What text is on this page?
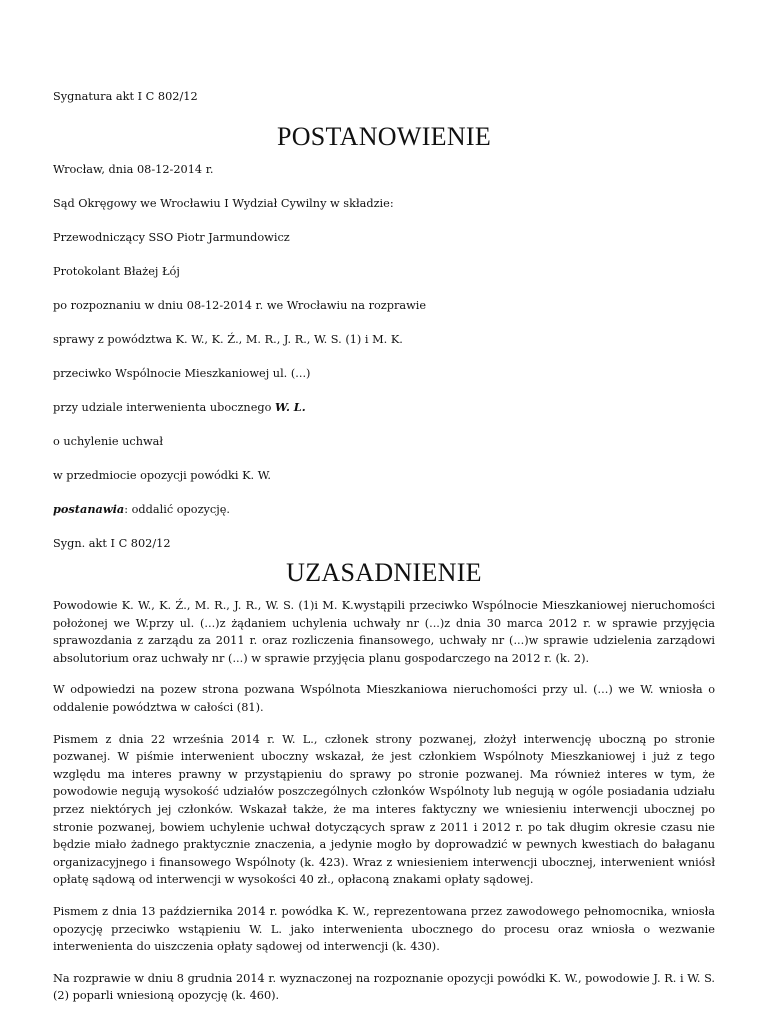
Sygnatura akt I C 802/12
POSTANOWIENIE
Wrocław, dnia 08-12-2014 r.
Sąd Okręgowy we Wrocławiu I Wydział Cywilny w składzie:
Przewodniczący SSO Piotr Jarmundowicz
Protokolant Błażej Łój
po rozpoznaniu w dniu 08-12-2014 r. we Wrocławiu na rozprawie
sprawy z powództwa K. W., K. Ź., M. R., J. R., W. S. (1) i M. K.
przeciwko Wspólnocie Mieszkaniowej ul. (...)
przy udziale interwenienta ubocznego W. L.
o uchylenie uchwał
w przedmiocie opozycji powódki K. W.
postanawia: oddalić opozycję.
Sygn. akt I C 802/12
UZASADNIENIE

Powodowie K. W., K. Ź., M. R., J. R., W. S. (1)i M. K.wystąpili przeciwko Wspólnocie Mieszkaniowej nieruchomości położonej we W.przy ul. (...)z żądaniem uchylenia uchwały nr (...)z dnia 30 marca 2012 r. w sprawie przyjęcia sprawozdania z zarządu za 2011 r. oraz rozliczenia finansowego, uchwały nr (...)w sprawie udzielenia zarządowi absolutorium oraz uchwały nr (...) w sprawie przyjęcia planu gospodarczego na 2012 r. (k. 2).

W odpowiedzi na pozew strona pozwana Wspólnota Mieszkaniowa nieruchomości przy ul. (...) we W. wniosła o oddalenie powództwa w całości (81).

Pismem z dnia 22 września 2014 r. W. L., członek strony pozwanej, złożył interwencję uboczną po stronie pozwanej. W piśmie interwenient uboczny wskazał, że jest członkiem Wspólnoty Mieszkaniowej i już z tego względu ma interes prawny w przystąpieniu do sprawy po stronie pozwanej. Ma również interes w tym, że powodowie negują wysokość udziałów poszczególnych członków Wspólnoty lub negują w ogóle posiadania udziału przez niektórych jej członków. Wskazał także, że ma interes faktyczny we wniesieniu interwencji ubocznej po stronie pozwanej, bowiem uchylenie uchwał dotyczących spraw z 2011 i 2012 r. po tak długim okresie czasu nie będzie miało żadnego praktycznie znaczenia, a jedynie mogło by doprowadzić w pewnych kwestiach do bałaganu organizacyjnego i finansowego Wspólnoty (k. 423). Wraz z wniesieniem interwencji ubocznej, interwenient wniósł opłatę sądową od interwencji w wysokości 40 zł., opłaconą znakami opłaty sądowej.

Pismem z dnia 13 października 2014 r. powódka K. W., reprezentowana przez zawodowego pełnomocnika, wniosła opozycję przeciwko wstąpieniu W. L. jako interwenienta ubocznego do procesu oraz wniosła o wezwanie interwenienta do uiszczenia opłaty sądowej od interwencji (k. 430).

Na rozprawie w dniu 8 grudnia 2014 r. wyznaczonej na rozpoznanie opozycji powódki K. W., powodowie J. R. i W. S. (2) poparli wniesioną opozycję (k. 460).
